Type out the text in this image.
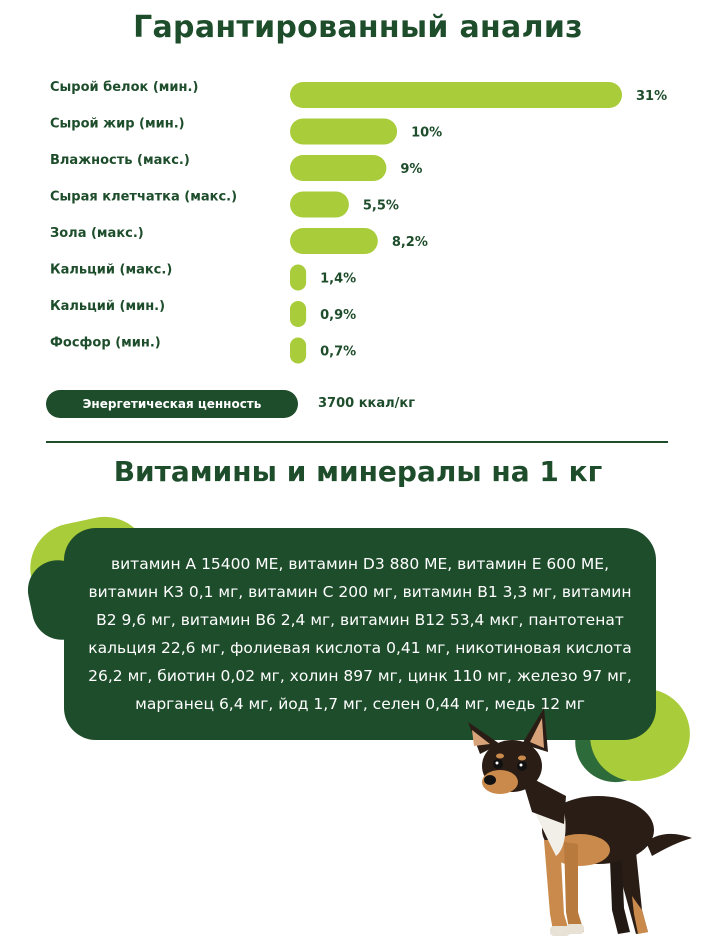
Гарантированный анализ
Сырой белок (мин.)
31%
Сырой жир (мин.)
10%
Влажность (макс.)
9%
Сырая клетчатка (макс.)
5,5%
Зола (макс.)
8,2%
Кальций (макс.)
1,4%
Кальций (мин.)
0,9%
Фосфор (мин.)
0,7%
Энергетическая ценность	3700 ккал/кг
Витамины и минералы на 1 кг
витамин А 15400 МЕ, витамин D3 880 МЕ, витамин Е 600 МЕ, витамин К3 0,1 мг, витамин С 200 мг, витамин В1 3,3 мг, витамин В2 9,6 мг, витамин В6 2,4 мг, витамин В12 53,4 мкг, пантотенат кальция 22,6 мг, фолиевая кислота 0,41 мг, никотиновая кислота 26,2 мг, биотин 0,02 мг, холин 897 мг, цинк 110 мг, железо 97 мг, марганец 6,4 мг, йод 1,7 мг, селен 0,44 мг, медь 12 мг
